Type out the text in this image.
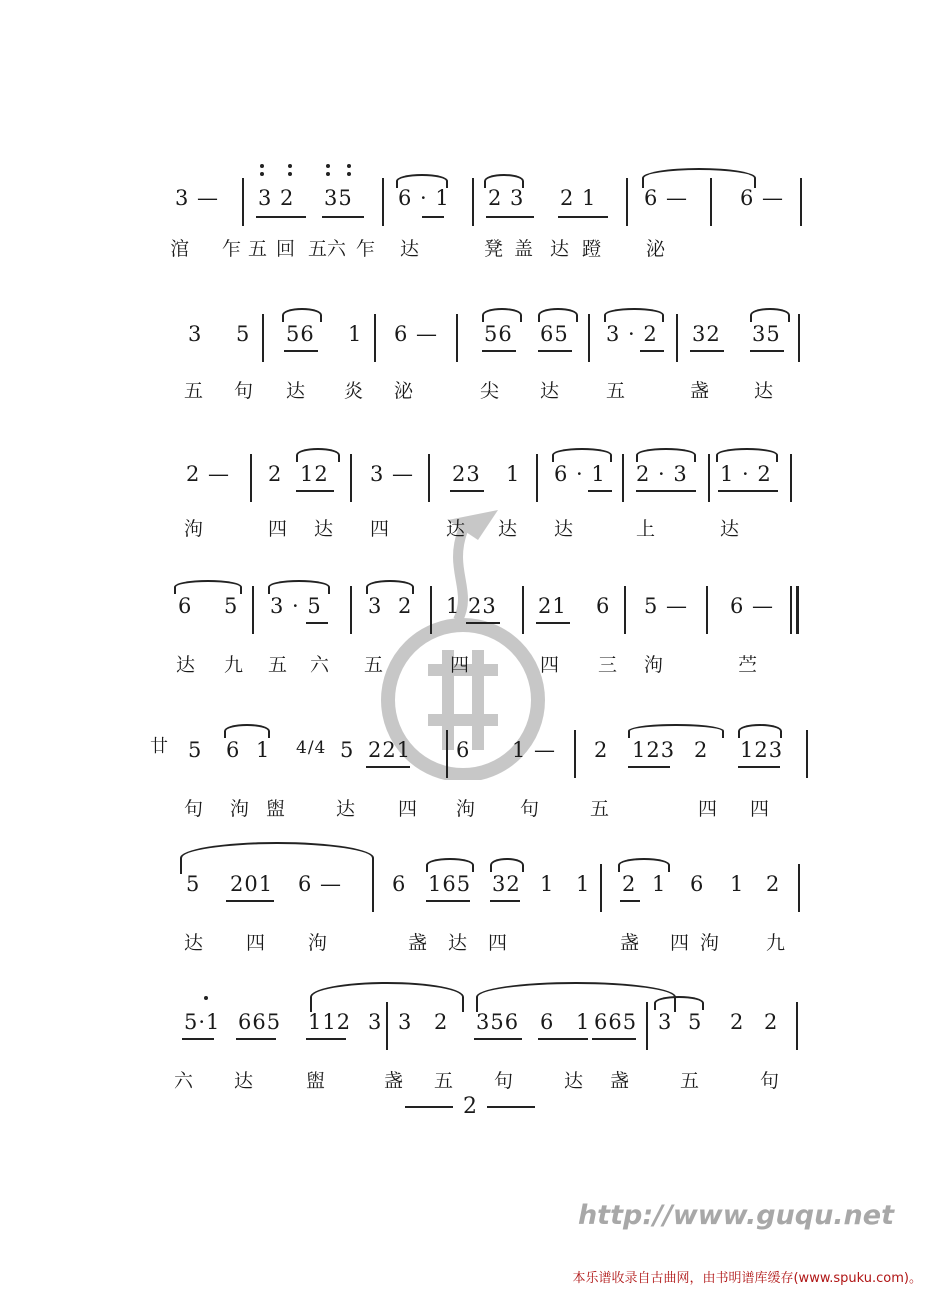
3 — 3 2 35 6 · 1 2 3 2 1 6 — 6 —
涫 乍 五 回 五六 乍 达	凳 盖 达 蹬 泌
3 5 56 1 6 — 56 65 3 · 2 32 35
五 句 达 炎 泌	尖 达 五	盏 达
2 — 2 12 3 — 23 1 6 · 1 2 · 3 1 · 2
泃	四 达 四	达 达 达	上	达
6 5 3 · 5 3 2 1 23 21 6 5 — 6 —
达 九 五 六 五	四	四 三 泃	苎
廿 5 6 1 4/4 5 221 6 1 — 2 123 2 123
句 泃 盥	达 四 泃 句	五	四 四
5 201 6 — 6 165 32 1 1 2 1 6 1 2
达 四 泃	盏 达 四	盏 四 泃 九
5·1 665 112 3 3 2 356 6 1 665 3 5 2 2
六 达	盥	盏 五 句	达 盏	五	句
2
http://www.guqu.net
本乐谱收录自古曲网，由书明谱库缓存(www.spuku.com)。
